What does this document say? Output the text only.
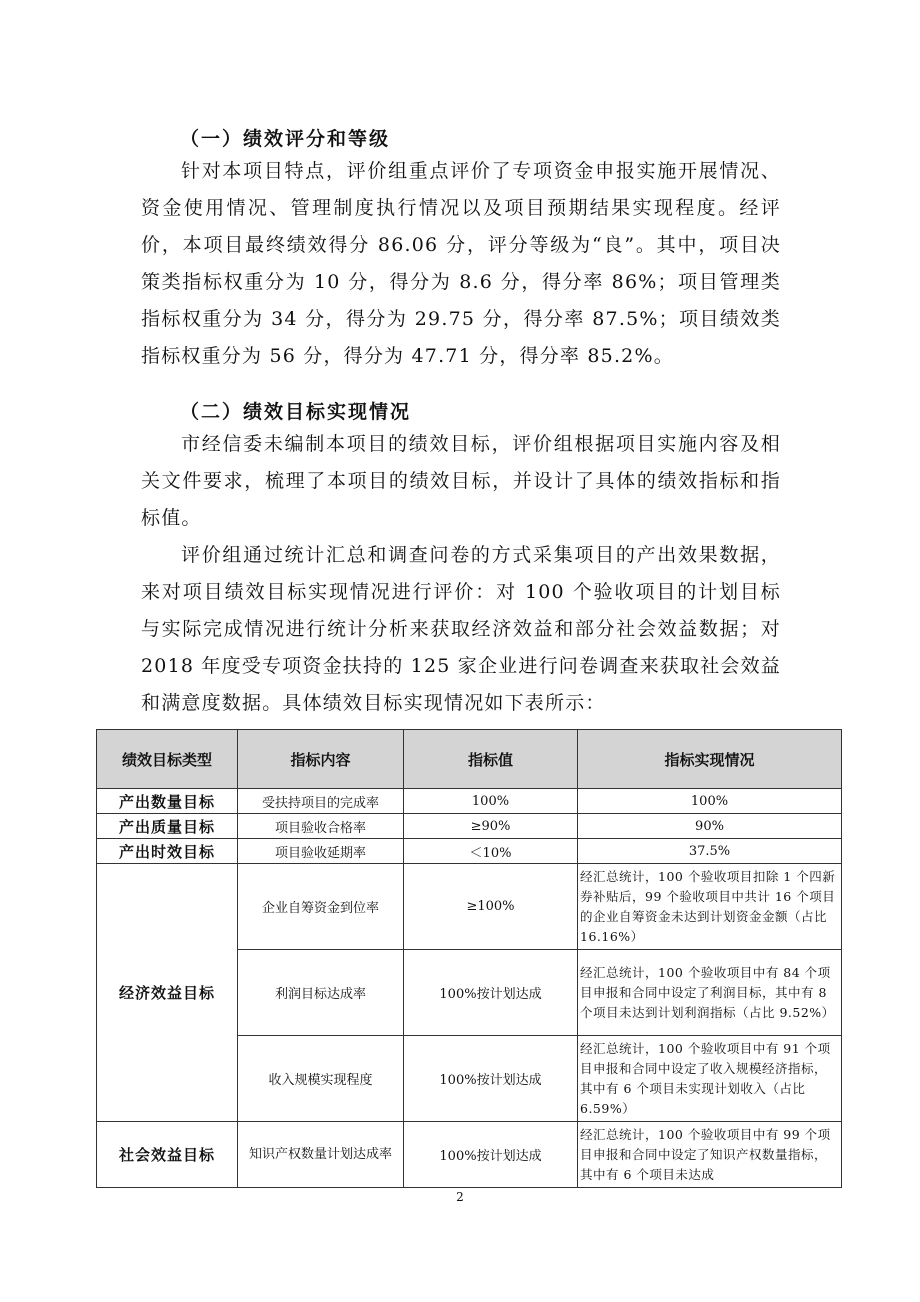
（一）绩效评分和等级
针对本项目特点，评价组重点评价了专项资金申报实施开展情况、资金使用情况、管理制度执行情况以及项目预期结果实现程度。经评价，本项目最终绩效得分 86.06 分，评分等级为“良”。其中，项目决策类指标权重分为 10 分，得分为 8.6 分，得分率 86%；项目管理类指标权重分为 34 分，得分为 29.75 分，得分率 87.5%；项目绩效类指标权重分为 56 分，得分为 47.71 分，得分率 85.2%。
（二）绩效目标实现情况
市经信委未编制本项目的绩效目标，评价组根据项目实施内容及相关文件要求，梳理了本项目的绩效目标，并设计了具体的绩效指标和指标值。
评价组通过统计汇总和调查问卷的方式采集项目的产出效果数据，来对项目绩效目标实现情况进行评价：对 100 个验收项目的计划目标与实际完成情况进行统计分析来获取经济效益和部分社会效益数据；对 2018 年度受专项资金扶持的 125 家企业进行问卷调查来获取社会效益和满意度数据。具体绩效目标实现情况如下表所示：
绩效目标类型	指标内容	指标值	指标实现情况
产出数量目标	受扶持项目的完成率	100%	100%
产出质量目标	项目验收合格率	≥90%	90%
产出时效目标	项目验收延期率	＜10%	37.5%
经济效益目标	企业自筹资金到位率	≥100%	经汇总统计，100 个验收项目扣除 1 个四新券补贴后，99 个验收项目中共计 16 个项目的企业自筹资金未达到计划资金金额（占比 16.16%）
	利润目标达成率	100%按计划达成	经汇总统计，100 个验收项目中有 84 个项目申报和合同中设定了利润目标，其中有 8 个项目未达到计划利润指标（占比 9.52%）
	收入规模实现程度	100%按计划达成	经汇总统计，100 个验收项目中有 91 个项目申报和合同中设定了收入规模经济指标，其中有 6 个项目未实现计划收入（占比 6.59%）
社会效益目标	知识产权数量计划达成率	100%按计划达成	经汇总统计，100 个验收项目中有 99 个项目申报和合同中设定了知识产权数量指标，其中有 6 个项目未达成
2
